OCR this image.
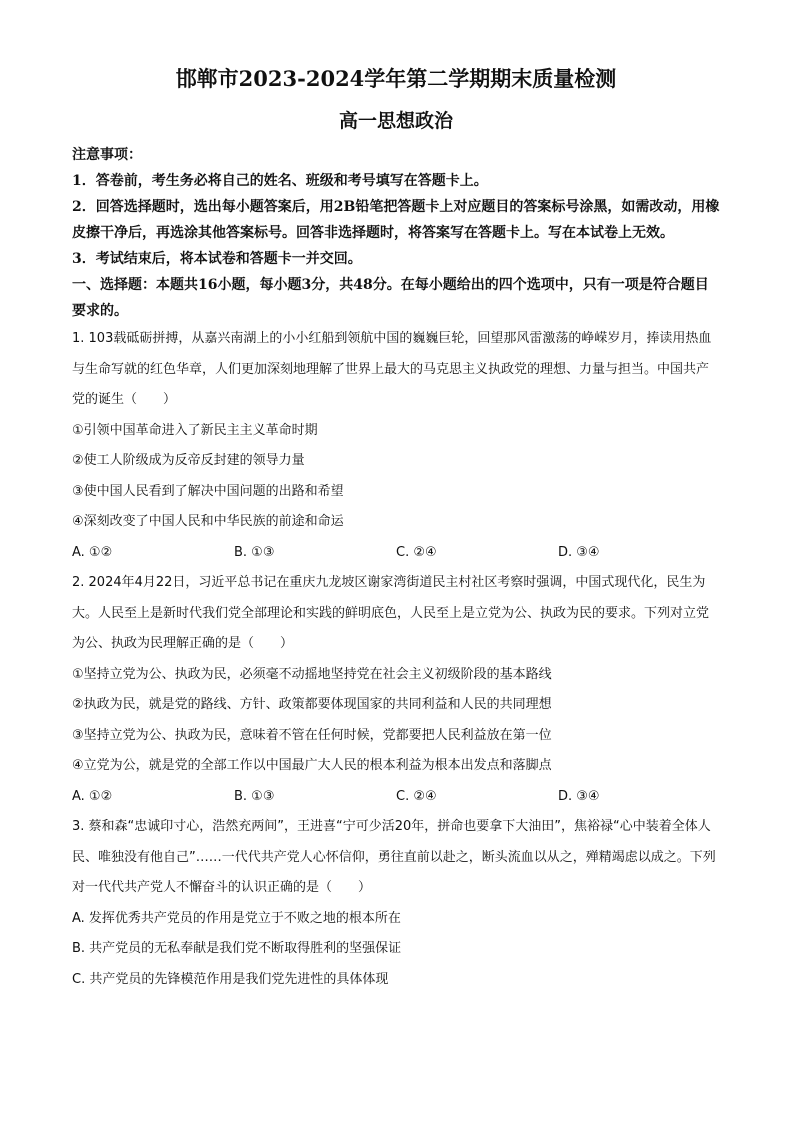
邯郸市2023-2024学年第二学期期末质量检测
高一思想政治

注意事项：

1．答卷前，考生务必将自己的姓名、班级和考号填写在答题卡上。

2．回答选择题时，选出每小题答案后，用2B铅笔把答题卡上对应题目的答案标号涂黑，如需改动，用橡皮擦干净后，再选涂其他答案标号。回答非选择题时，将答案写在答题卡上。写在本试卷上无效。

3．考试结束后，将本试卷和答题卡一并交回。

一、选择题：本题共16小题，每小题3分，共48分。在每小题给出的四个选项中，只有一项是符合题目要求的。

1. 103载砥砺拼搏，从嘉兴南湖上的小小红船到领航中国的巍巍巨轮，回望那风雷激荡的峥嵘岁月，捧读用热血与生命写就的红色华章，人们更加深刻地理解了世界上最大的马克思主义执政党的理想、力量与担当。中国共产党的诞生（　　）

①引领中国革命进入了新民主主义革命时期

②使工人阶级成为反帝反封建的领导力量

③使中国人民看到了解决中国问题的出路和希望

④深刻改变了中国人民和中华民族的前途和命运

A. ①②	B. ①③	C. ②④	D. ③④

2. 2024年4月22日，习近平总书记在重庆九龙坡区谢家湾街道民主村社区考察时强调，中国式现代化，民生为大。人民至上是新时代我们党全部理论和实践的鲜明底色，人民至上是立党为公、执政为民的要求。下列对立党为公、执政为民理解正确的是（　　）

①坚持立党为公、执政为民，必须毫不动摇地坚持党在社会主义初级阶段的基本路线

②执政为民，就是党的路线、方针、政策都要体现国家的共同利益和人民的共同理想

③坚持立党为公、执政为民，意味着不管在任何时候，党都要把人民利益放在第一位

④立党为公，就是党的全部工作以中国最广大人民的根本利益为根本出发点和落脚点

A. ①②	B. ①③	C. ②④	D. ③④

3. 蔡和森“忠诚印寸心，浩然充两间”，王进喜“宁可少活20年，拼命也要拿下大油田”，焦裕禄“心中装着全体人民、唯独没有他自己”……一代代共产党人心怀信仰，勇往直前以赴之，断头流血以从之，殚精竭虑以成之。下列对一代代共产党人不懈奋斗的认识正确的是（　　）

A. 发挥优秀共产党员的作用是党立于不败之地的根本所在

B. 共产党员的无私奉献是我们党不断取得胜利的坚强保证

C. 共产党员的先锋模范作用是我们党先进性的具体体现
